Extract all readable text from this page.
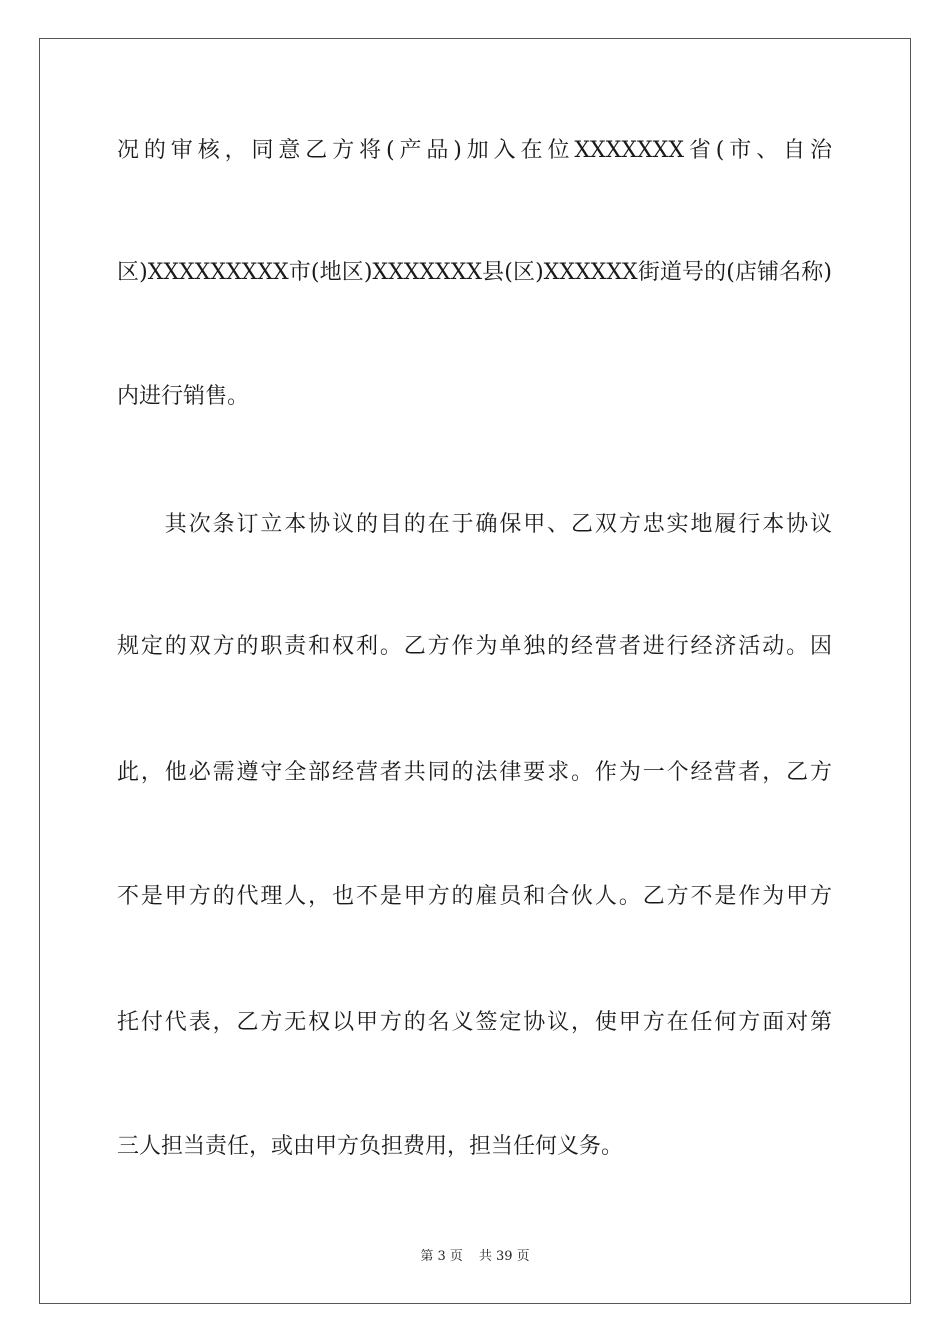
况的审核，同意乙方将(产品)加入在位XXXXXXX省(市、自治
区)XXXXXXXXX市(地区)XXXXXXX县(区)XXXXXX街道号的(店铺名称)
内进行销售。
　　其次条订立本协议的目的在于确保甲、乙双方忠实地履行本协议
规定的双方的职责和权利。乙方作为单独的经营者进行经济活动。因
此，他必需遵守全部经营者共同的法律要求。作为一个经营者，乙方
不是甲方的代理人，也不是甲方的雇员和合伙人。乙方不是作为甲方
托付代表，乙方无权以甲方的名义签定协议，使甲方在任何方面对第
三人担当责任，或由甲方负担费用，担当任何义务。
第 3 页 共 39 页
